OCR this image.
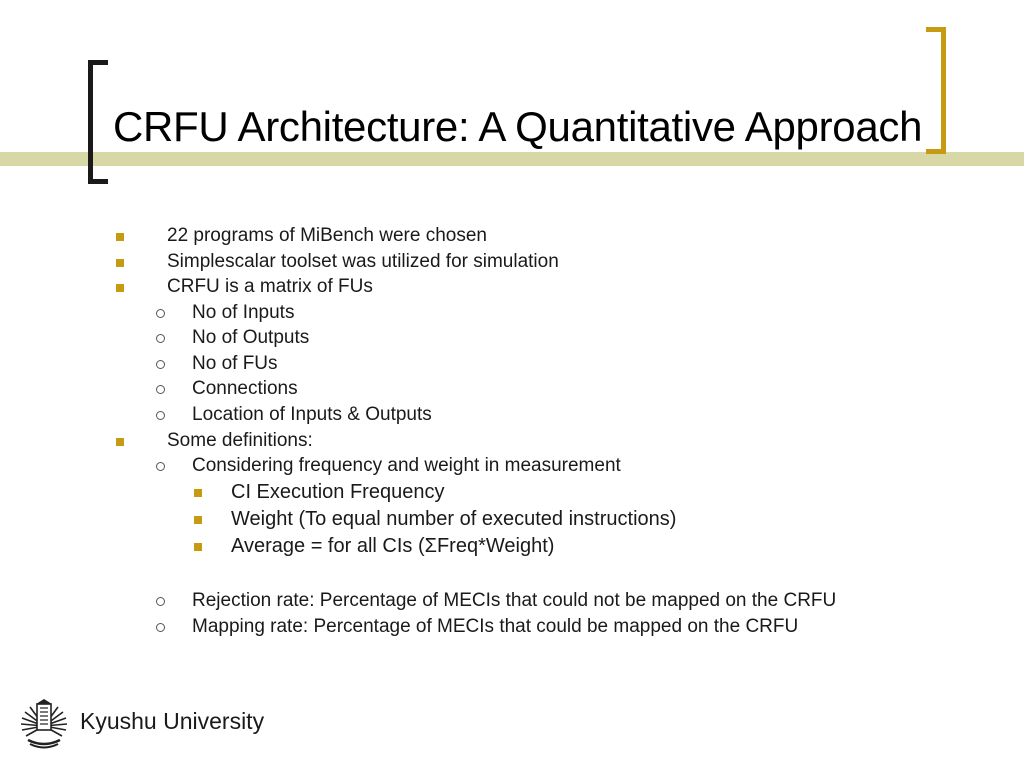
CRFU Architecture: A Quantitative Approach
22 programs of MiBench were chosen
Simplescalar toolset was utilized for simulation
CRFU is a matrix of FUs
No of Inputs
No of Outputs
No of FUs
Connections
Location of Inputs & Outputs
Some definitions:
Considering frequency and weight in measurement
CI Execution Frequency
Weight (To equal number of executed instructions)
Average = for all CIs (ΣFreq*Weight)
Rejection rate: Percentage of MECIs that could not be mapped on the CRFU
Mapping rate: Percentage of MECIs that could be mapped on the CRFU
Kyushu University
